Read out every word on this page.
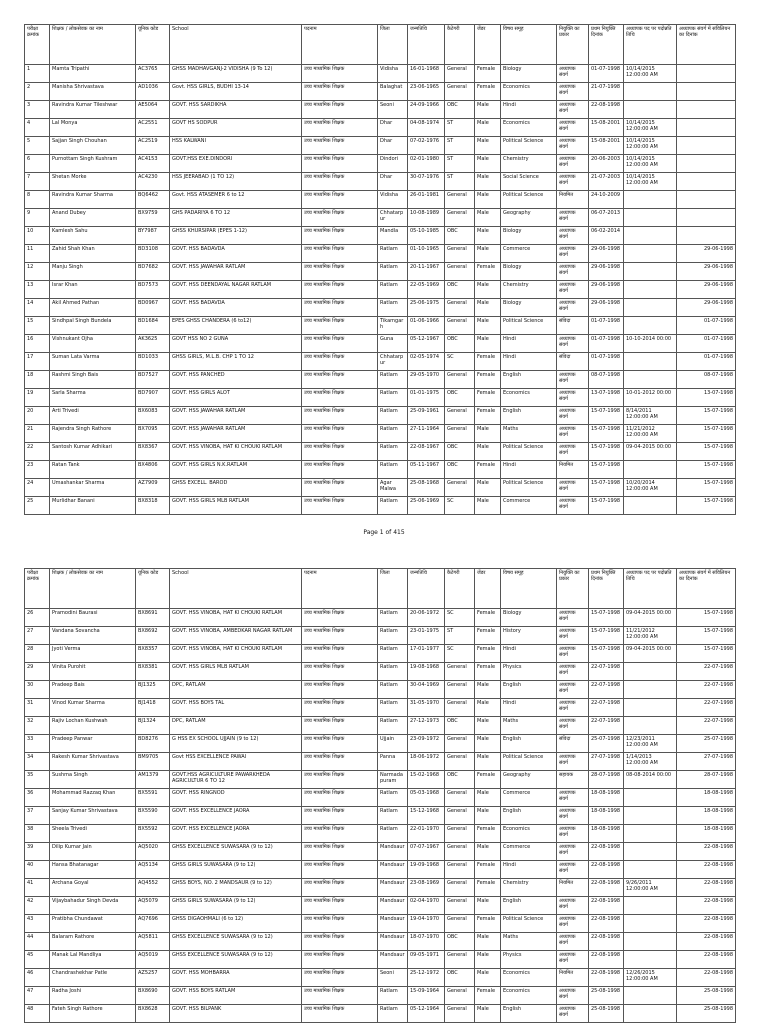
परीक्षा क्रमांक	शिक्षक / लोकसेवक का नाम	यूनिक कोड	School	पदनाम	जिला	जन्मतिथि	कैटेगरी	जेंडर	विषय समूह	नियुक्ति का प्रकार	प्रथम नियुक्ति दिनांक	अध्यापक पद पर पदोन्नति तिथि	अध्यापक संवर्ग में संविलियन का दिनांक
1	Mamta Tripathi	AC3765	GHSS MADHAVGANJ-2 VIDISHA (9 To 12)	उच्च माध्यमिक शिक्षक	Vidisha	16-01-1968	General	Female	Biology	अध्यापक संवर्ग	01-07-1998	10/14/2015 12:00:00 AM	
2	Manisha Shrivastava	AD1036	Govt. HSS GIRLS, BUDHI 13-14	उच्च माध्यमिक शिक्षक	Balaghat	23-06-1965	General	Female	Economics	अध्यापक संवर्ग	21-07-1998		
3	Ravindra Kumar Tileshwar	AE5064	GOVT. HSS SARDIKHA	उच्च माध्यमिक शिक्षक	Seoni	24-09-1966	OBC	Male	Hindi	अध्यापक संवर्ग	22-08-1998		
4	Lal Monya	AC2551	GOVT HS SODPUR	उच्च माध्यमिक शिक्षक	Dhar	04-08-1974	ST	Male	Economics	अध्यापक संवर्ग	15-08-2001	10/14/2015 12:00:00 AM	
5	Sajjan Singh Chouhan	AC2519	HSS KALWANI	उच्च माध्यमिक शिक्षक	Dhar	07-02-1976	ST	Male	Political Science	अध्यापक संवर्ग	15-08-2001	10/14/2015 12:00:00 AM	
6	Purnottam Singh Kushram	AC4153	GOVT.HSS EXE.DINDORI	उच्च माध्यमिक शिक्षक	Dindori	02-01-1980	ST	Male	Chemistry	अध्यापक संवर्ग	20-06-2003	10/14/2015 12:00:00 AM	
7	Shetan Morke	AC4230	HSS JEERABAD (1 TO 12)	उच्च माध्यमिक शिक्षक	Dhar	30-07-1976	ST	Male	Social Science	अध्यापक संवर्ग	21-07-2003	10/14/2015 12:00:00 AM	
8	Ravindra Kumar Sharma	BQ6462	Govt. HSS ATASEMER 6 to 12	उच्च माध्यमिक शिक्षक	Vidisha	26-01-1981	General	Male	Political Science	नियमित	24-10-2009		
9	Anand Dubey	BX9759	GHS PADARIYA 6 TO 12	उच्च माध्यमिक शिक्षक	Chhatarpur	10-08-1989	General	Male	Geography	अध्यापक संवर्ग	06-07-2013		
10	Kamlesh Sahu	BY7987	GHSS KHURSIPAR (EPES 1-12)	उच्च माध्यमिक शिक्षक	Mandla	05-10-1985	OBC	Male	Biology	अध्यापक संवर्ग	06-02-2014		
11	Zahid Shah Khan	BD3108	GOVT. HSS BADAVDA	उच्च माध्यमिक शिक्षक	Ratlam	01-10-1965	General	Male	Commerce	अध्यापक संवर्ग	29-06-1998		29-06-1998
12	Manju Singh	BD7682	GOVT. HSS JAWAHAR RATLAM	उच्च माध्यमिक शिक्षक	Ratlam	20-11-1967	General	Female	Biology	अध्यापक संवर्ग	29-06-1998		29-06-1998
13	Israr Khan	BD7573	GOVT. HSS DEENDAYAL NAGAR RATLAM	उच्च माध्यमिक शिक्षक	Ratlam	22-05-1969	OBC	Male	Chemistry	अध्यापक संवर्ग	29-06-1998		29-06-1998
14	Akil Ahmed Pathan	BD0967	GOVT. HSS BADAVDA	उच्च माध्यमिक शिक्षक	Ratlam	25-06-1975	General	Male	Biology	अध्यापक संवर्ग	29-06-1998		29-06-1998
15	Sindhpal Singh Bundela	BD1684	EPES GHSS CHANDERA (6 to12)	उच्च माध्यमिक शिक्षक	Tikamgarh	01-06-1966	General	Male	Political Science	संविदा	01-07-1998		01-07-1998
16	Vishnukant Ojha	AK3625	GOVT HSS NO 2 GUNA	उच्च माध्यमिक शिक्षक	Guna	05-12-1967	OBC	Male	Hindi	अध्यापक संवर्ग	01-07-1998	10-10-2014 00:00	01-07-1998
17	Suman Lata Varma	BD1033	GHSS GIRLS, M.L.B. CHP 1 TO 12	उच्च माध्यमिक शिक्षक	Chhatarpur	02-05-1974	SC	Female	Hindi	संविदा	01-07-1998		01-07-1998
18	Rashmi Singh Bais	BD7527	GOVT. HSS PANCHED	उच्च माध्यमिक शिक्षक	Ratlam	29-05-1970	General	Female	English	अध्यापक संवर्ग	08-07-1998		08-07-1998
19	Sarla Sharma	BD7907	GOVT. HSS GIRLS ALOT	उच्च माध्यमिक शिक्षक	Ratlam	01-01-1975	OBC	Female	Economics	अध्यापक संवर्ग	13-07-1998	10-01-2012 00:00	13-07-1998
20	Arti Trivedi	BX6083	GOVT. HSS JAWAHAR RATLAM	उच्च माध्यमिक शिक्षक	Ratlam	25-09-1961	General	Female	English	अध्यापक संवर्ग	15-07-1998	8/14/2011 12:00:00 AM	15-07-1998
21	Rajendra Singh Rathore	BX7095	GOVT. HSS JAWAHAR RATLAM	उच्च माध्यमिक शिक्षक	Ratlam	27-11-1964	General	Male	Maths	अध्यापक संवर्ग	15-07-1998	11/21/2012 12:00:00 AM	15-07-1998
22	Santosh Kumar Adhikari	BX8367	GOVT. HSS VINOBA, HAT KI CHOUKI RATLAM	उच्च माध्यमिक शिक्षक	Ratlam	22-08-1967	OBC	Male	Political Science	अध्यापक संवर्ग	15-07-1998	09-04-2015 00:00	15-07-1998
23	Ratan Tank	BX4806	GOVT. HSS GIRLS N.K.RATLAM	उच्च माध्यमिक शिक्षक	Ratlam	05-11-1967	OBC	Female	Hindi	नियमित	15-07-1998		15-07-1998
24	Umashankar Sharma	AZ7909	GHSS EXCELL. BAROD	उच्च माध्यमिक शिक्षक	Agar Malwa	25-08-1968	General	Male	Political Science	अध्यापक संवर्ग	15-07-1998	10/20/2014 12:00:00 AM	15-07-1998
25	Murlidhar Banani	BX8318	GOVT. HSS GIRLS MLB RATLAM	उच्च माध्यमिक शिक्षक	Ratlam	25-06-1969	SC	Male	Commerce	अध्यापक संवर्ग	15-07-1998		15-07-1998
Page 1 of 415
परीक्षा क्रमांक	शिक्षक / लोकसेवक का नाम	यूनिक कोड	School	पदनाम	जिला	जन्मतिथि	कैटेगरी	जेंडर	विषय समूह	नियुक्ति का प्रकार	प्रथम नियुक्ति दिनांक	अध्यापक पद पर पदोन्नति तिथि	अध्यापक संवर्ग में संविलियन का दिनांक
26	Pramodini Baurasi	BX8691	GOVT. HSS VINOBA, HAT KI CHOUKI RATLAM	उच्च माध्यमिक शिक्षक	Ratlam	20-06-1972	SC	Female	Biology	अध्यापक संवर्ग	15-07-1998	09-04-2015 00:00	15-07-1998
27	Vandana Sovancha	BX8692	GOVT. HSS VINOBA, AMBEDKAR NAGAR RATLAM	उच्च माध्यमिक शिक्षक	Ratlam	23-01-1975	ST	Female	History	अध्यापक संवर्ग	15-07-1998	11/21/2012 12:00:00 AM	15-07-1998
28	Jyoti Verma	BX8357	GOVT. HSS VINOBA, HAT KI CHOUKI RATLAM	उच्च माध्यमिक शिक्षक	Ratlam	17-01-1977	SC	Female	Hindi	अध्यापक संवर्ग	15-07-1998	09-04-2015 00:00	15-07-1998
29	Vinita Purohit	BX8381	GOVT. HSS GIRLS MLB RATLAM	उच्च माध्यमिक शिक्षक	Ratlam	19-08-1968	General	Female	Physics	अध्यापक संवर्ग	22-07-1998		22-07-1998
30	Pradeep Bais	BJ1325	DPC, RATLAM	उच्च माध्यमिक शिक्षक	Ratlam	30-04-1969	General	Male	English	अध्यापक संवर्ग	22-07-1998		22-07-1998
31	Vinod Kumar Sharma	BJ1418	GOVT. HSS BOYS TAL	उच्च माध्यमिक शिक्षक	Ratlam	31-05-1970	General	Male	Hindi	अध्यापक संवर्ग	22-07-1998		22-07-1998
32	Rajiv Lochan Kushwah	BJ1324	DPC, RATLAM	उच्च माध्यमिक शिक्षक	Ratlam	27-12-1973	OBC	Male	Maths	अध्यापक संवर्ग	22-07-1998		22-07-1998
33	Pradeep Panwar	BD8276	G HSS EX SCHOOL UJJAIN (9 to 12)	उच्च माध्यमिक शिक्षक	Ujjain	23-09-1972	General	Male	English	संविदा	25-07-1998	12/23/2011 12:00:00 AM	25-07-1998
34	Rakesh Kumar Shrivastava	BM9705	Govt HSS EXCELLENCE PAWAI	उच्च माध्यमिक शिक्षक	Panna	18-06-1972	General	Male	Political Science	अध्यापक संवर्ग	27-07-1998	1/14/2013 12:00:00 AM	27-07-1998
35	Sushma Singh	AM1379	GOVT.HSS AGRICULTURE PAWARKHEDA AGRICULTUR 6 TO 12	उच्च माध्यमिक शिक्षक	Narmadapuram	15-02-1968	OBC	Female	Geography	सहायक	28-07-1998	08-08-2014 00:00	28-07-1998
36	Mohammad Razzaq Khan	BX5591	GOVT. HSS RINGNOD	उच्च माध्यमिक शिक्षक	Ratlam	05-03-1968	General	Male	Commerce	अध्यापक संवर्ग	18-08-1998		18-08-1998
37	Sanjay Kumar Shrivastava	BX5590	GOVT. HSS EXCELLENCE JAORA	उच्च माध्यमिक शिक्षक	Ratlam	15-12-1968	General	Male	English	अध्यापक संवर्ग	18-08-1998		18-08-1998
38	Sheela Trivedi	BX5592	GOVT. HSS EXCELLENCE JAORA	उच्च माध्यमिक शिक्षक	Ratlam	22-01-1970	General	Female	Economics	अध्यापक संवर्ग	18-08-1998		18-08-1998
39	Dilip Kumar Jain	AQ5020	GHSS EXCELLENCE SUWASARA (9 to 12)	उच्च माध्यमिक शिक्षक	Mandsaur	07-07-1967	General	Male	Commerce	अध्यापक संवर्ग	22-08-1998		22-08-1998
40	Hansa Bhatanagar	AQ5134	GHSS GIRLS SUWASARA (9 to 12)	उच्च माध्यमिक शिक्षक	Mandsaur	19-09-1968	General	Female	Hindi	अध्यापक संवर्ग	22-08-1998		22-08-1998
41	Archana Goyal	AQ4552	GHSS BOYS, NO. 2 MANDSAUR (9 to 12)	उच्च माध्यमिक शिक्षक	Mandsaur	23-08-1969	General	Female	Chemistry	नियमित	22-08-1998	9/26/2011 12:00:00 AM	22-08-1998
42	Vijaybahadur Singh Devda	AQ5079	GHSS GIRLS SUWASARA (9 to 12)	उच्च माध्यमिक शिक्षक	Mandsaur	02-04-1970	General	Male	English	अध्यापक संवर्ग	22-08-1998		22-08-1998
43	Pratibha Chundawat	AQ7696	GHSS DIGAOHMALI (6 to 12)	उच्च माध्यमिक शिक्षक	Mandsaur	19-04-1970	General	Female	Political Science	अध्यापक संवर्ग	22-08-1998		22-08-1998
44	Balaram Rathore	AQ5811	GHSS EXCELLENCE SUWASARA (9 to 12)	उच्च माध्यमिक शिक्षक	Mandsaur	18-07-1970	OBC	Male	Maths	अध्यापक संवर्ग	22-08-1998		22-08-1998
45	Manak Lal Mandliya	AQ5019	GHSS EXCELLENCE SUWASARA (9 to 12)	उच्च माध्यमिक शिक्षक	Mandsaur	09-05-1971	General	Male	Physics	अध्यापक संवर्ग	22-08-1998		22-08-1998
46	Chandrashekhar Patle	AZ5257	GOVT. HSS MOHBARRA	उच्च माध्यमिक शिक्षक	Seoni	25-12-1972	OBC	Male	Economics	नियमित	22-08-1998	12/26/2015 12:00:00 AM	22-08-1998
47	Radha Joshi	BX8690	GOVT. HSS BOYS RATLAM	उच्च माध्यमिक शिक्षक	Ratlam	15-09-1964	General	Female	Economics	अध्यापक संवर्ग	25-08-1998		25-08-1998
48	Fateh Singh Rathore	BX8628	GOVT. HSS BILPANK	उच्च माध्यमिक शिक्षक	Ratlam	05-12-1964	General	Male	English	अध्यापक संवर्ग	25-08-1998		25-08-1998
